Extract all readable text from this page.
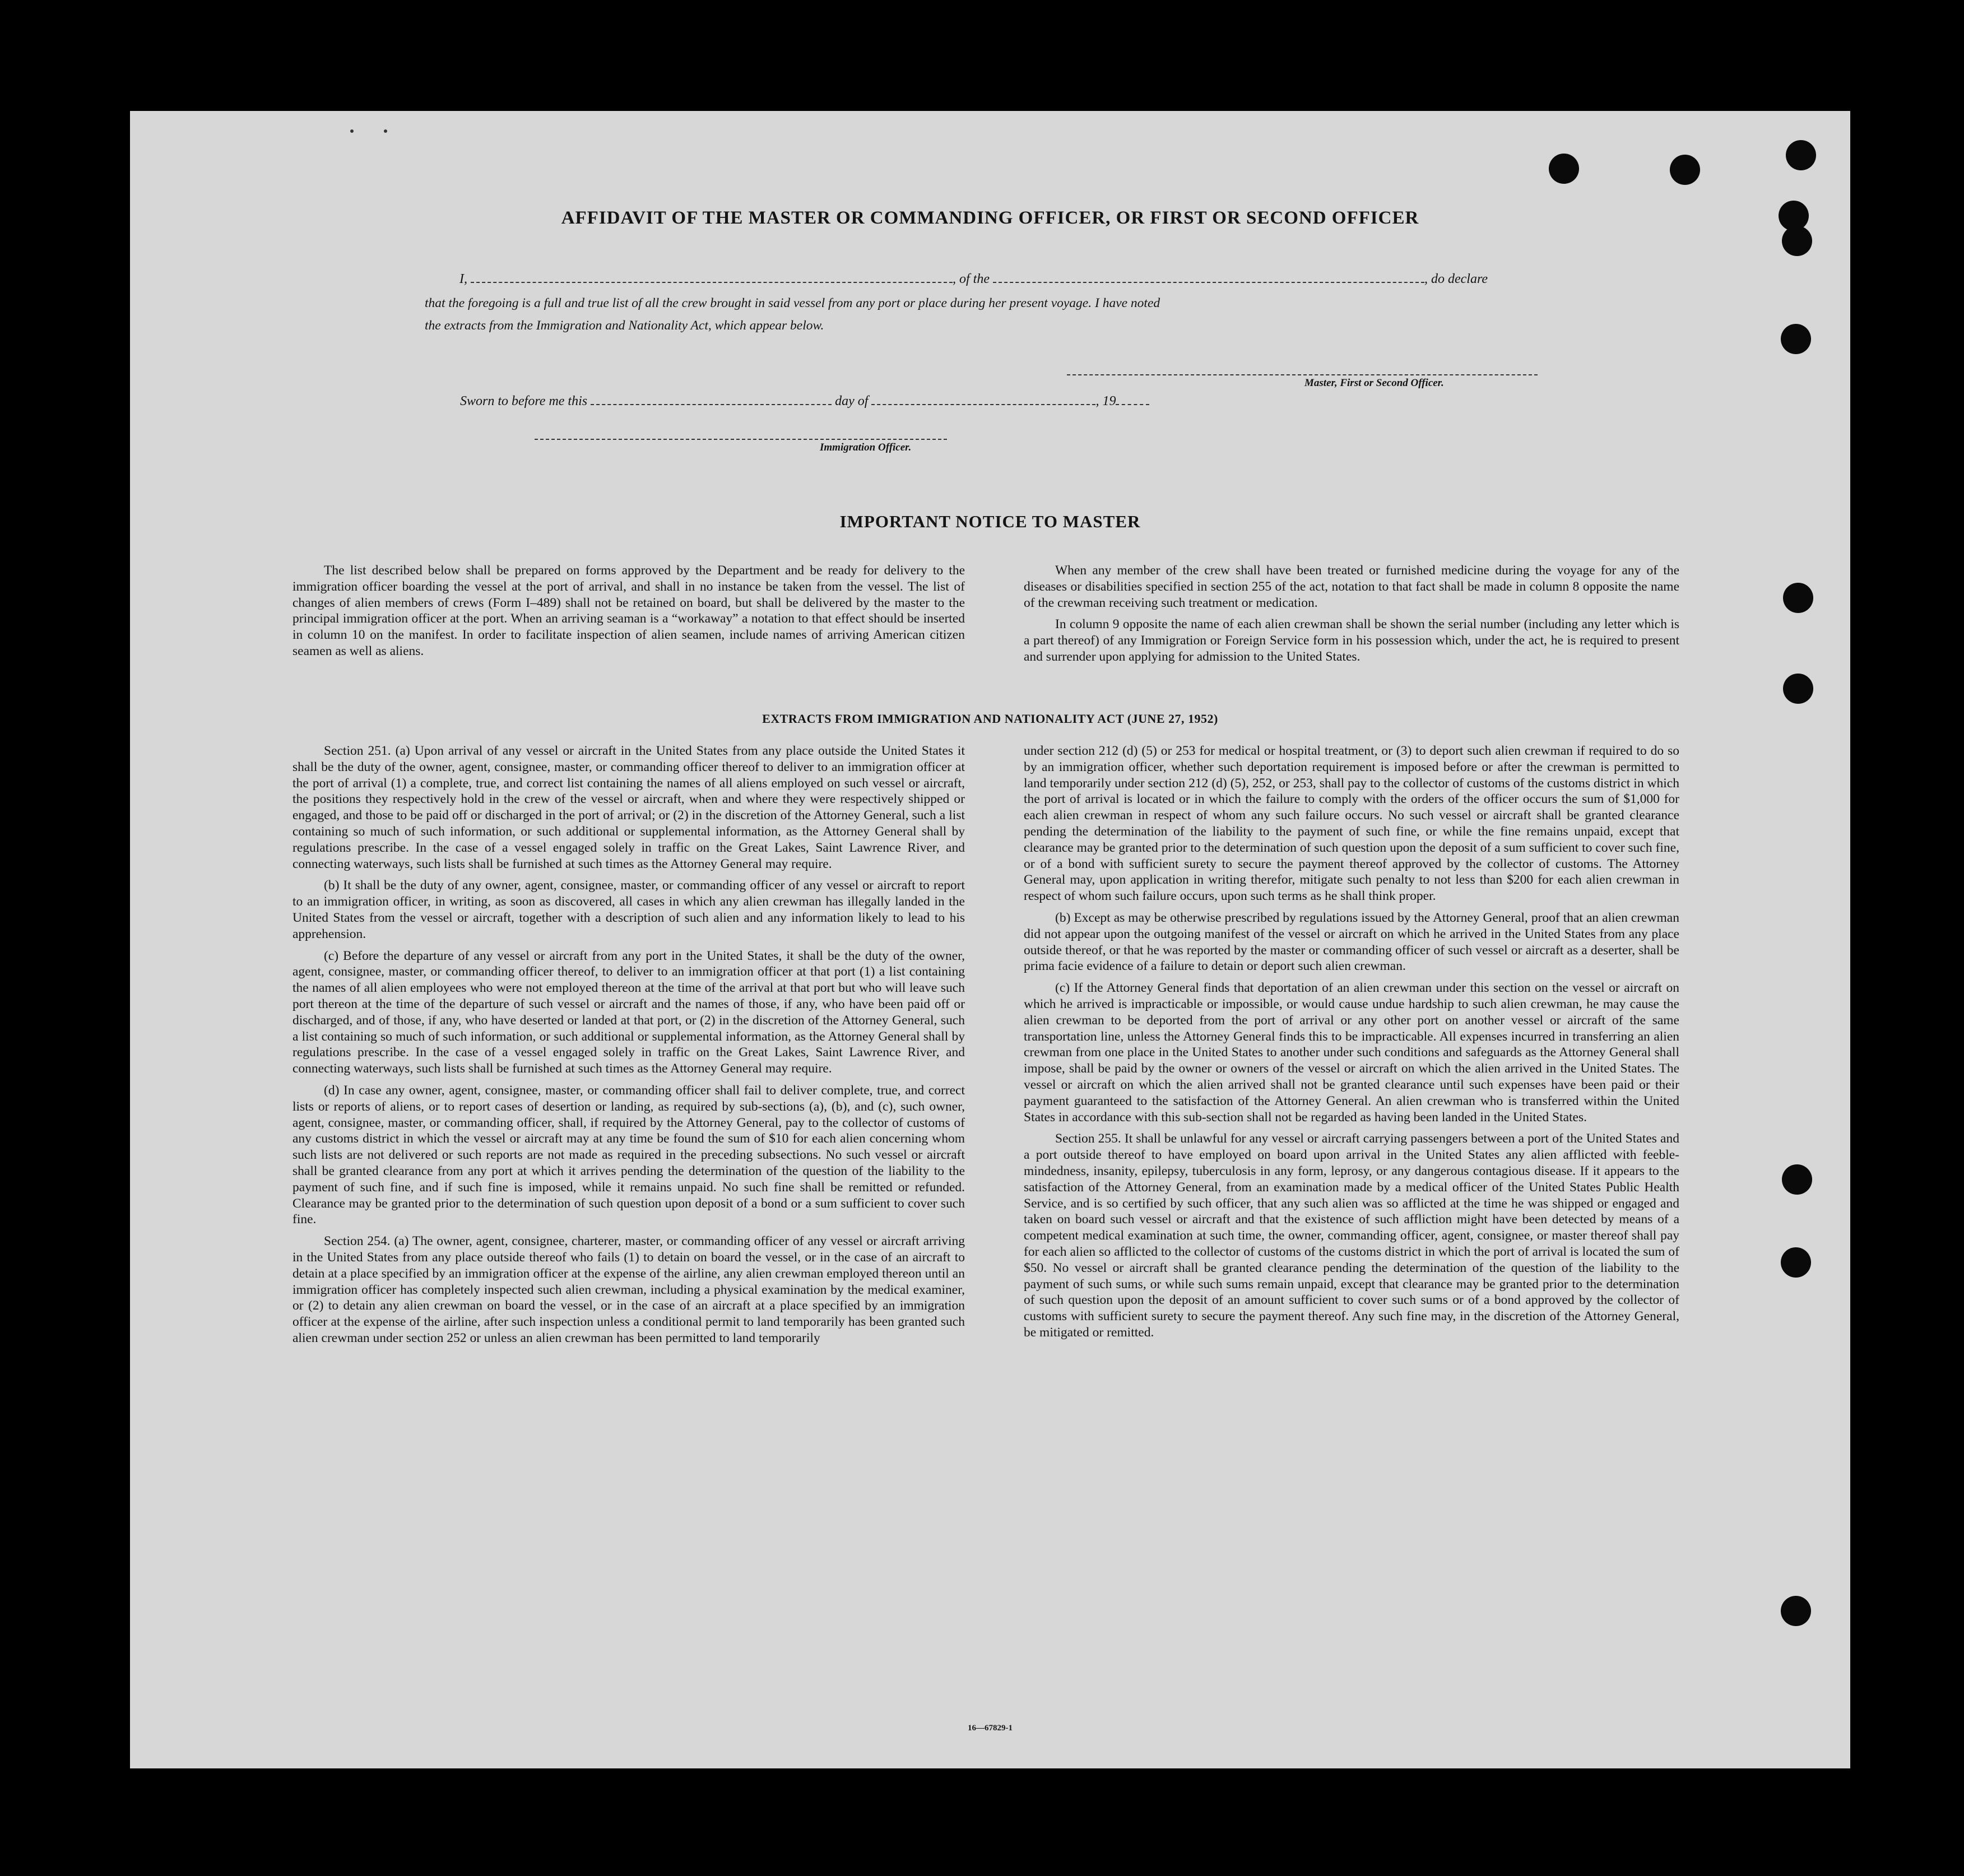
AFFIDAVIT OF THE MASTER OR COMMANDING OFFICER, OR FIRST OR SECOND OFFICER
I,	, of the	, do declare
that the foregoing is a full and true list of all the crew brought in said vessel from any port or place during her present voyage. I have noted
the extracts from the Immigration and Nationality Act, which appear below.
Master, First or Second Officer.
Sworn to before me this	day of	, 19
Immigration Officer.
IMPORTANT NOTICE TO MASTER

The list described below shall be prepared on forms approved by the Department and be ready for delivery to the immigration officer boarding the vessel at the port of arrival, and shall in no instance be taken from the vessel. The list of changes of alien members of crews (Form I–489) shall not be retained on board, but shall be delivered by the master to the principal immigration officer at the port. When an arriving seaman is a “workaway” a notation to that effect should be inserted in column 10 on the manifest. In order to facilitate inspection of alien seamen, include names of arriving American citizen seamen as well as aliens.

When any member of the crew shall have been treated or furnished medicine during the voyage for any of the diseases or disabilities specified in section 255 of the act, notation to that fact shall be made in column 8 opposite the name of the crewman receiving such treatment or medication.

In column 9 opposite the name of each alien crewman shall be shown the serial number (including any letter which is a part thereof) of any Immigration or Foreign Service form in his possession which, under the act, he is required to present and surrender upon applying for admission to the United States.

EXTRACTS FROM IMMIGRATION AND NATIONALITY ACT (JUNE 27, 1952)

Section 251. (a) Upon arrival of any vessel or aircraft in the United States from any place outside the United States it shall be the duty of the owner, agent, consignee, master, or commanding officer thereof to deliver to an immigration officer at the port of arrival (1) a complete, true, and correct list containing the names of all aliens employed on such vessel or aircraft, the positions they respectively hold in the crew of the vessel or aircraft, when and where they were respectively shipped or engaged, and those to be paid off or discharged in the port of arrival; or (2) in the discretion of the Attorney General, such a list containing so much of such information, or such additional or supplemental information, as the Attorney General shall by regulations prescribe. In the case of a vessel engaged solely in traffic on the Great Lakes, Saint Lawrence River, and connecting waterways, such lists shall be furnished at such times as the Attorney General may require.

(b) It shall be the duty of any owner, agent, consignee, master, or commanding officer of any vessel or aircraft to report to an immigration officer, in writing, as soon as discovered, all cases in which any alien crewman has illegally landed in the United States from the vessel or aircraft, together with a description of such alien and any information likely to lead to his apprehension.

(c) Before the departure of any vessel or aircraft from any port in the United States, it shall be the duty of the owner, agent, consignee, master, or commanding officer thereof, to deliver to an immigration officer at that port (1) a list containing the names of all alien employees who were not employed thereon at the time of the arrival at that port but who will leave such port thereon at the time of the departure of such vessel or aircraft and the names of those, if any, who have been paid off or discharged, and of those, if any, who have deserted or landed at that port, or (2) in the discretion of the Attorney General, such a list containing so much of such information, or such additional or supplemental information, as the Attorney General shall by regulations prescribe. In the case of a vessel engaged solely in traffic on the Great Lakes, Saint Lawrence River, and connecting waterways, such lists shall be furnished at such times as the Attorney General may require.

(d) In case any owner, agent, consignee, master, or commanding officer shall fail to deliver complete, true, and correct lists or reports of aliens, or to report cases of desertion or landing, as required by sub-sections (a), (b), and (c), such owner, agent, consignee, master, or commanding officer, shall, if required by the Attorney General, pay to the collector of customs of any customs district in which the vessel or aircraft may at any time be found the sum of $10 for each alien concerning whom such lists are not delivered or such reports are not made as required in the preceding subsections. No such vessel or aircraft shall be granted clearance from any port at which it arrives pending the determination of the question of the liability to the payment of such fine, and if such fine is imposed, while it remains unpaid. No such fine shall be remitted or refunded. Clearance may be granted prior to the determination of such question upon deposit of a bond or a sum sufficient to cover such fine.

Section 254. (a) The owner, agent, consignee, charterer, master, or commanding officer of any vessel or aircraft arriving in the United States from any place outside thereof who fails (1) to detain on board the vessel, or in the case of an aircraft to detain at a place specified by an immigration officer at the expense of the airline, any alien crewman employed thereon until an immigration officer has completely inspected such alien crewman, including a physical examination by the medical examiner, or (2) to detain any alien crewman on board the vessel, or in the case of an aircraft at a place specified by an immigration officer at the expense of the airline, after such inspection unless a conditional permit to land temporarily has been granted such alien crewman under section 252 or unless an alien crewman has been permitted to land temporarily

under section 212 (d) (5) or 253 for medical or hospital treatment, or (3) to deport such alien crewman if required to do so by an immigration officer, whether such deportation requirement is imposed before or after the crewman is permitted to land temporarily under section 212 (d) (5), 252, or 253, shall pay to the collector of customs of the customs district in which the port of arrival is located or in which the failure to comply with the orders of the officer occurs the sum of $1,000 for each alien crewman in respect of whom any such failure occurs. No such vessel or aircraft shall be granted clearance pending the determination of the liability to the payment of such fine, or while the fine remains unpaid, except that clearance may be granted prior to the determination of such question upon the deposit of a sum sufficient to cover such fine, or of a bond with sufficient surety to secure the payment thereof approved by the collector of customs. The Attorney General may, upon application in writing therefor, mitigate such penalty to not less than $200 for each alien crewman in respect of whom such failure occurs, upon such terms as he shall think proper.

(b) Except as may be otherwise prescribed by regulations issued by the Attorney General, proof that an alien crewman did not appear upon the outgoing manifest of the vessel or aircraft on which he arrived in the United States from any place outside thereof, or that he was reported by the master or commanding officer of such vessel or aircraft as a deserter, shall be prima facie evidence of a failure to detain or deport such alien crewman.

(c) If the Attorney General finds that deportation of an alien crewman under this section on the vessel or aircraft on which he arrived is impracticable or impossible, or would cause undue hardship to such alien crewman, he may cause the alien crewman to be deported from the port of arrival or any other port on another vessel or aircraft of the same transportation line, unless the Attorney General finds this to be impracticable. All expenses incurred in transferring an alien crewman from one place in the United States to another under such conditions and safeguards as the Attorney General shall impose, shall be paid by the owner or owners of the vessel or aircraft on which the alien arrived in the United States. The vessel or aircraft on which the alien arrived shall not be granted clearance until such expenses have been paid or their payment guaranteed to the satisfaction of the Attorney General. An alien crewman who is transferred within the United States in accordance with this sub-section shall not be regarded as having been landed in the United States.

Section 255. It shall be unlawful for any vessel or aircraft carrying passengers between a port of the United States and a port outside thereof to have employed on board upon arrival in the United States any alien afflicted with feeble-mindedness, insanity, epilepsy, tuberculosis in any form, leprosy, or any dangerous contagious disease. If it appears to the satisfaction of the Attorney General, from an examination made by a medical officer of the United States Public Health Service, and is so certified by such officer, that any such alien was so afflicted at the time he was shipped or engaged and taken on board such vessel or aircraft and that the existence of such affliction might have been detected by means of a competent medical examination at such time, the owner, commanding officer, agent, consignee, or master thereof shall pay for each alien so afflicted to the collector of customs of the customs district in which the port of arrival is located the sum of $50. No vessel or aircraft shall be granted clearance pending the determination of the question of the liability to the payment of such sums, or while such sums remain unpaid, except that clearance may be granted prior to the determination of such question upon the deposit of an amount sufficient to cover such sums or of a bond approved by the collector of customs with sufficient surety to secure the payment thereof. Any such fine may, in the discretion of the Attorney General, be mitigated or remitted.

16—67829-1
